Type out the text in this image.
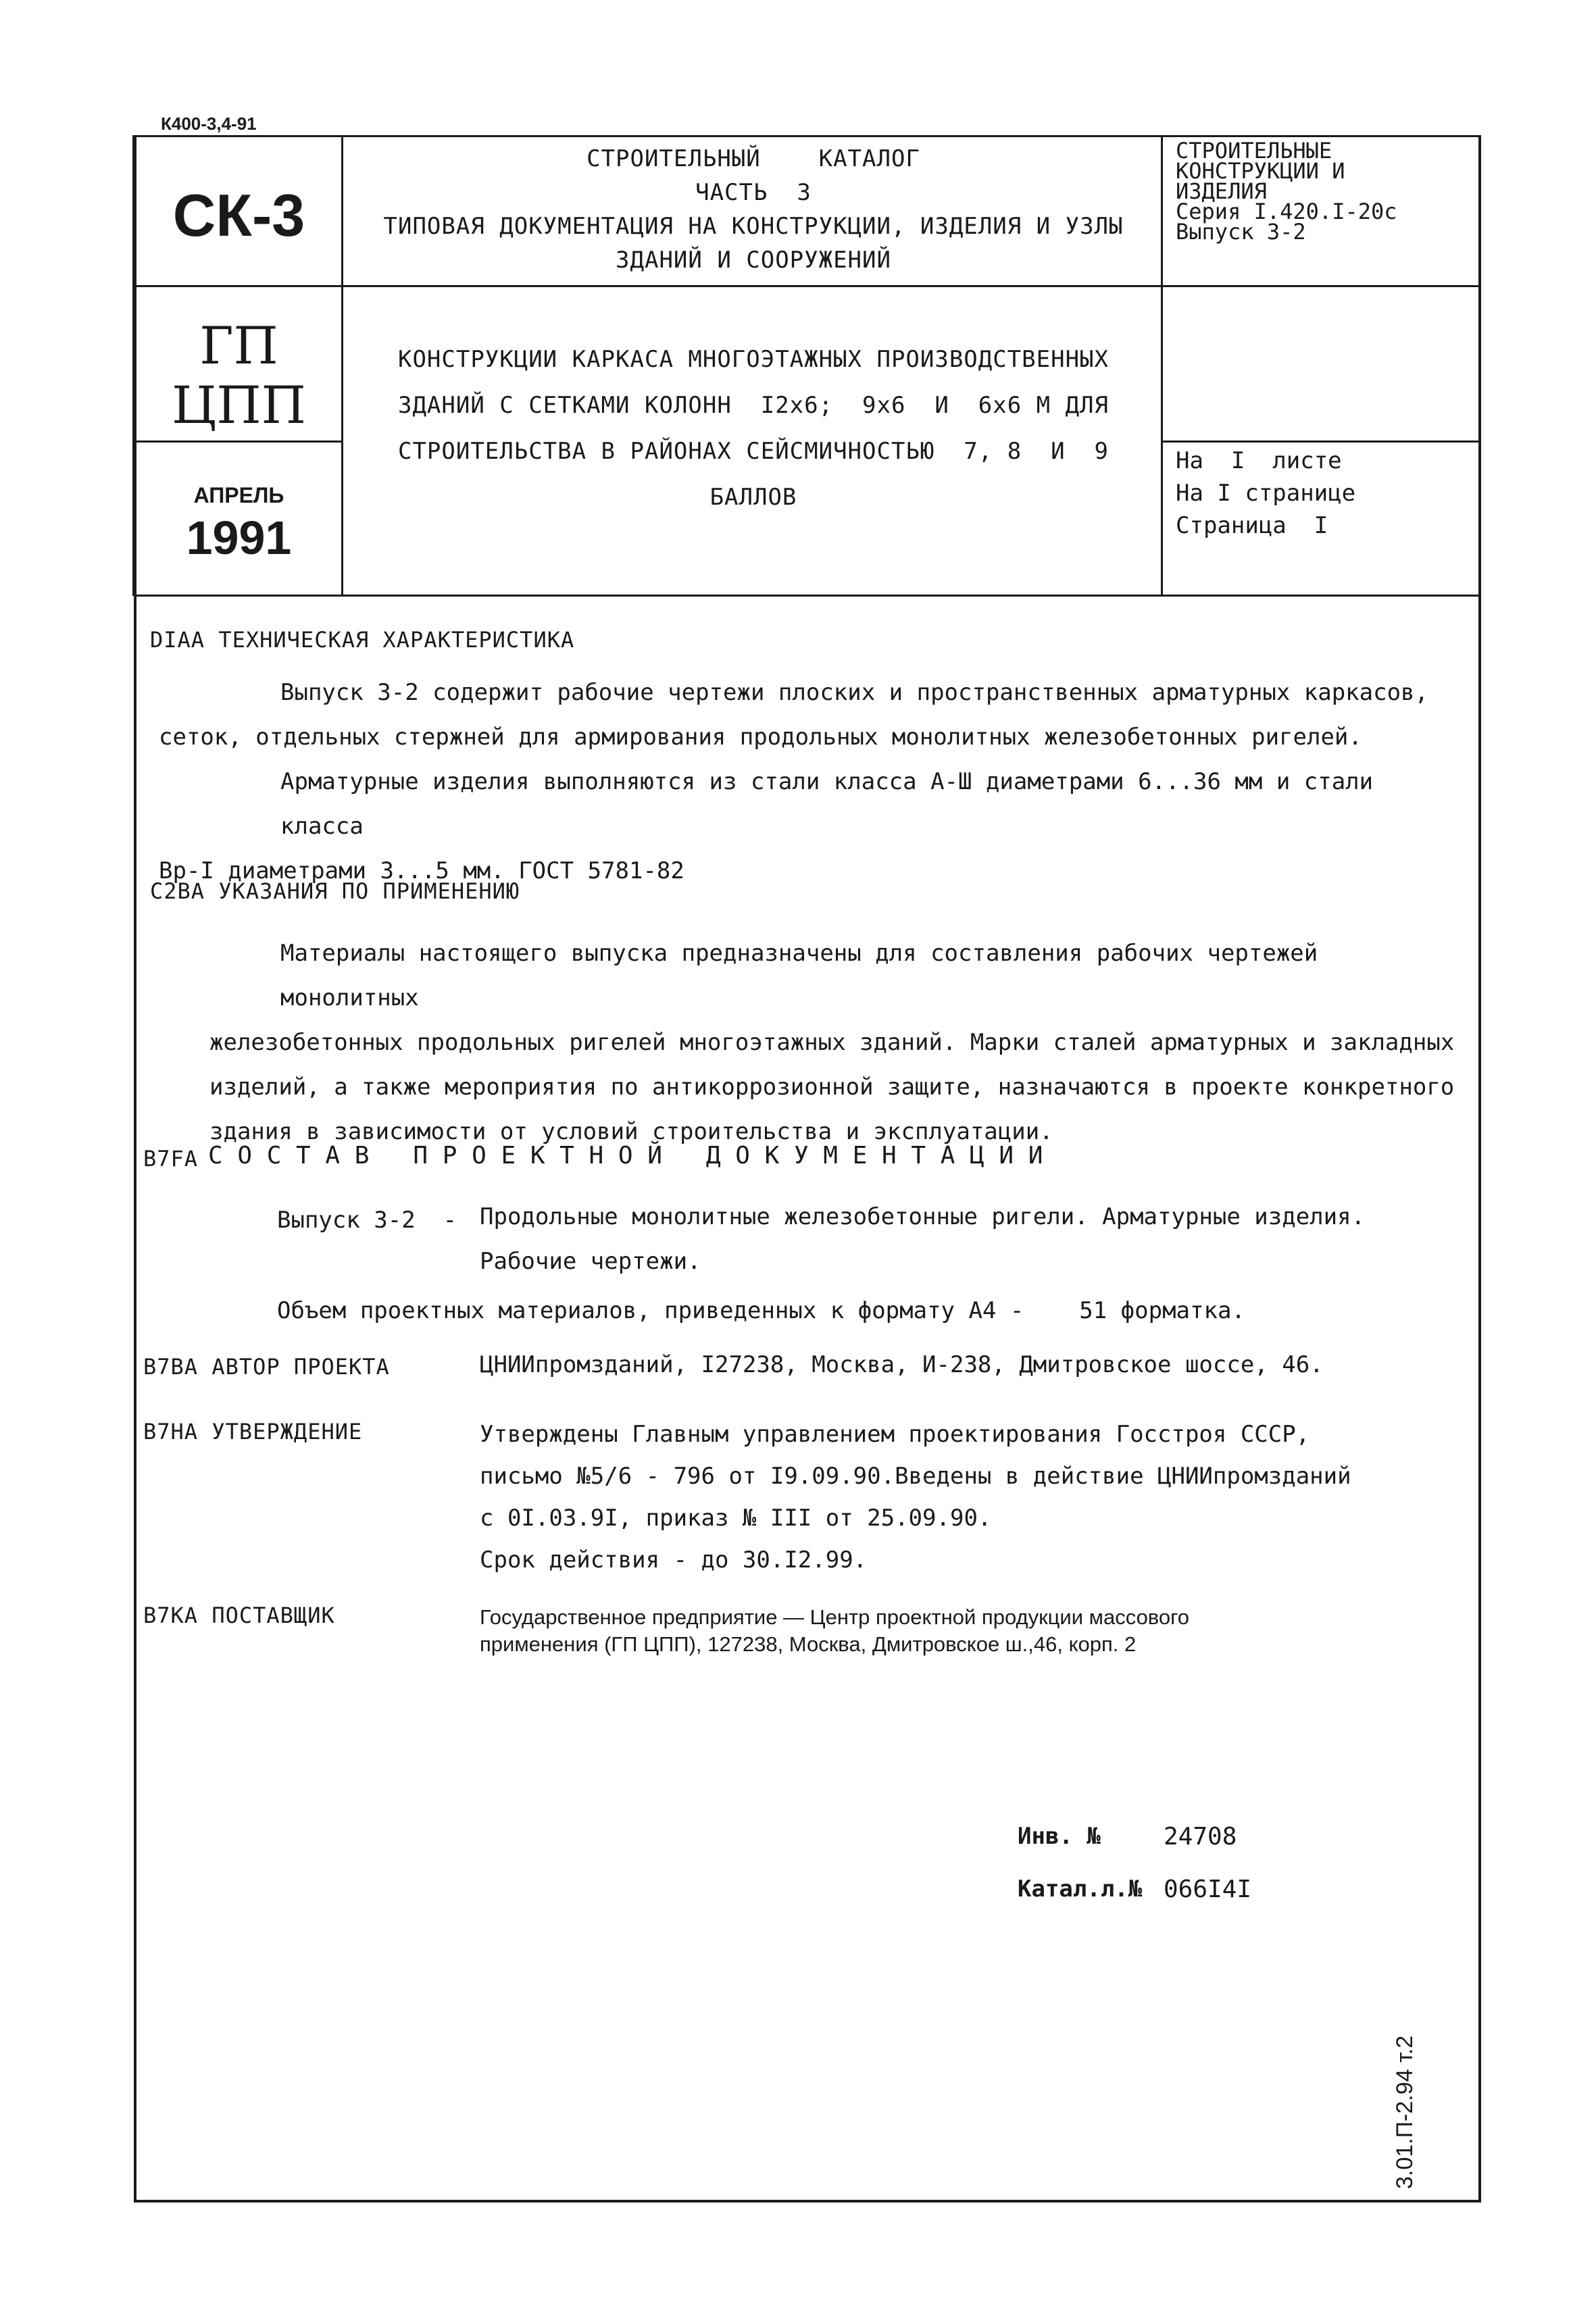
К400-3,4-91
СК-3
ГП
ЦПП
АПРЕЛЬ
1991
СТРОИТЕЛЬНЫЙ    КАТАЛОГ
ЧАСТЬ  3
ТИПОВАЯ ДОКУМЕНТАЦИЯ НА КОНСТРУКЦИИ, ИЗДЕЛИЯ И УЗЛЫ
ЗДАНИЙ И СООРУЖЕНИЙ
КОНСТРУКЦИИ КАРКАСА МНОГОЭТАЖНЫХ ПРОИЗВОДСТВЕННЫХ
ЗДАНИЙ С СЕТКАМИ КОЛОНН  I2х6;  9х6  И  6х6 М ДЛЯ
СТРОИТЕЛЬСТВА В РАЙОНАХ СЕЙСМИЧНОСТЬЮ  7, 8  И  9
БАЛЛОВ
СТРОИТЕЛЬНЫЕ
КОНСТРУКЦИИ И
ИЗДЕЛИЯ
Серия I.420.I-20с
Выпуск 3-2
На  I  листе
На I странице
Страница  I
DIAA ТЕХНИЧЕСКАЯ ХАРАКТЕРИСТИКА
Выпуск 3-2 содержит рабочие чертежи плоских и пространственных арматурных каркасов,
сеток, отдельных стержней для армирования продольных монолитных железобетонных ригелей.
Арматурные изделия выполняются из стали класса А-Ш диаметрами 6...36 мм и стали класса
Вр-I диаметрами 3...5 мм. ГОСТ 5781-82
C2BA УКАЗАНИЯ ПО ПРИМЕНЕНИЮ
Материалы настоящего выпуска предназначены для составления рабочих чертежей монолитных
железобетонных продольных ригелей многоэтажных зданий. Марки сталей арматурных и закладных
изделий, а также мероприятия по антикоррозионной защите, назначаются в проекте конкретного
здания в зависимости от условий строительства и эксплуатации.
B7FA С О С Т А В   П Р О Е К Т Н О Й   Д О К У М Е Н Т А Ц И И
Выпуск 3-2  - Продольные монолитные железобетонные ригели. Арматурные изделия.
Рабочие чертежи.
Объем проектных материалов, приведенных к формату А4 -    51 форматка.
B7BA АВТОР ПРОЕКТА	ЦНИИпромзданий, I27238, Москва, И-238, Дмитровское шоссе, 46.
B7HA УТВЕРЖДЕНИЕ	Утверждены Главным управлением проектирования Госстроя СССР,
письмо №5/6 - 796 от I9.09.90.Введены в действие ЦНИИпромзданий
с 0I.03.9I, приказ № III от 25.09.90.
Срок действия - до 30.I2.99.
B7KA ПОСТАВЩИК	Государственное предприятие — Центр проектной продукции массового
применения (ГП ЦПП), 127238, Москва, Дмитровское ш.,46, корп. 2
Инв. №	24708
Катал.л.№ 066I4I
3.01.П-2.94 т.2
